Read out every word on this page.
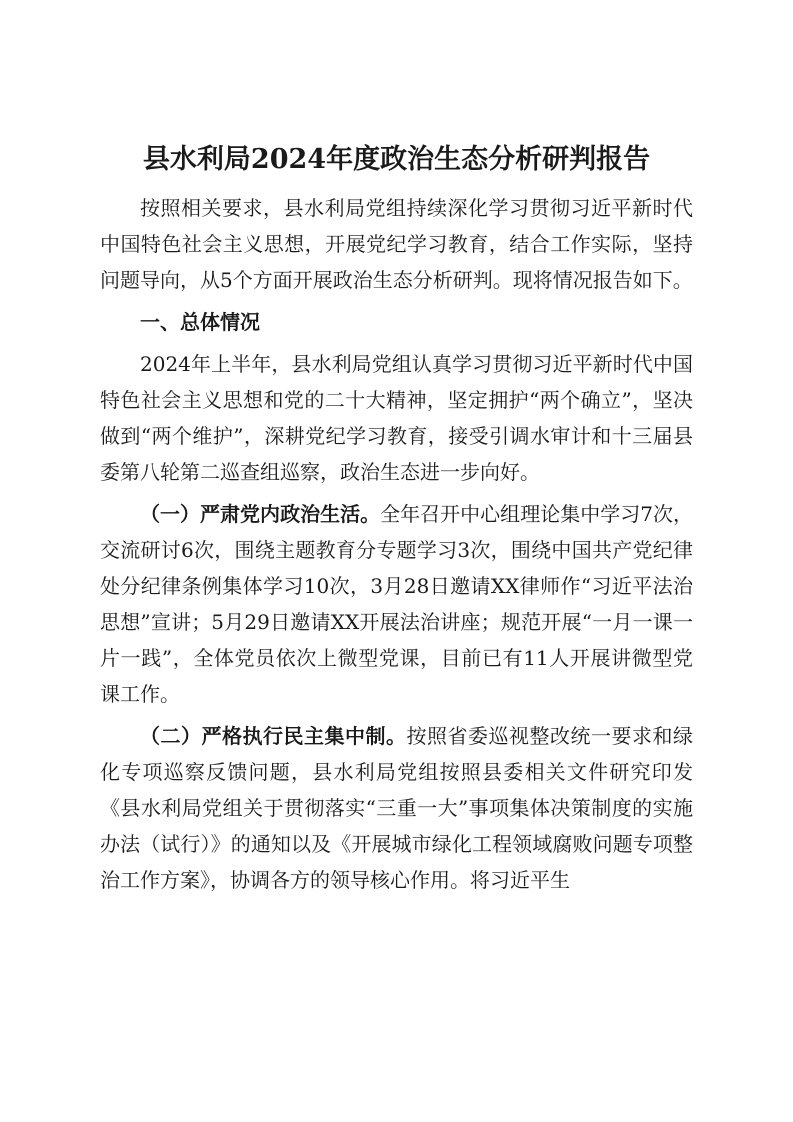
县水利局2024年度政治生态分析研判报告

按照相关要求，县水利局党组持续深化学习贯彻习近平新时代中国特色社会主义思想，开展党纪学习教育，结合工作实际，坚持问题导向，从5个方面开展政治生态分析研判。现将情况报告如下。

一、总体情况

2024年上半年，县水利局党组认真学习贯彻习近平新时代中国特色社会主义思想和党的二十大精神，坚定拥护“两个确立”，坚决做到“两个维护”，深耕党纪学习教育，接受引调水审计和十三届县委第八轮第二巡查组巡察，政治生态进一步向好。

（一）严肃党内政治生活。全年召开中心组理论集中学习7次，交流研讨6次，围绕主题教育分专题学习3次，围绕中国共产党纪律处分纪律条例集体学习10次，3月28日邀请XX律师作“习近平法治思想”宣讲；5月29日邀请XX开展法治讲座；规范开展“一月一课一片一践”，全体党员依次上微型党课，目前已有11人开展讲微型党课工作。

（二）严格执行民主集中制。按照省委巡视整改统一要求和绿化专项巡察反馈问题，县水利局党组按照县委相关文件研究印发《县水利局党组关于贯彻落实“三重一大”事项集体决策制度的实施办法（试行）》的通知以及《开展城市绿化工程领域腐败问题专项整治工作方案》，协调各方的领导核心作用。将习近平生
